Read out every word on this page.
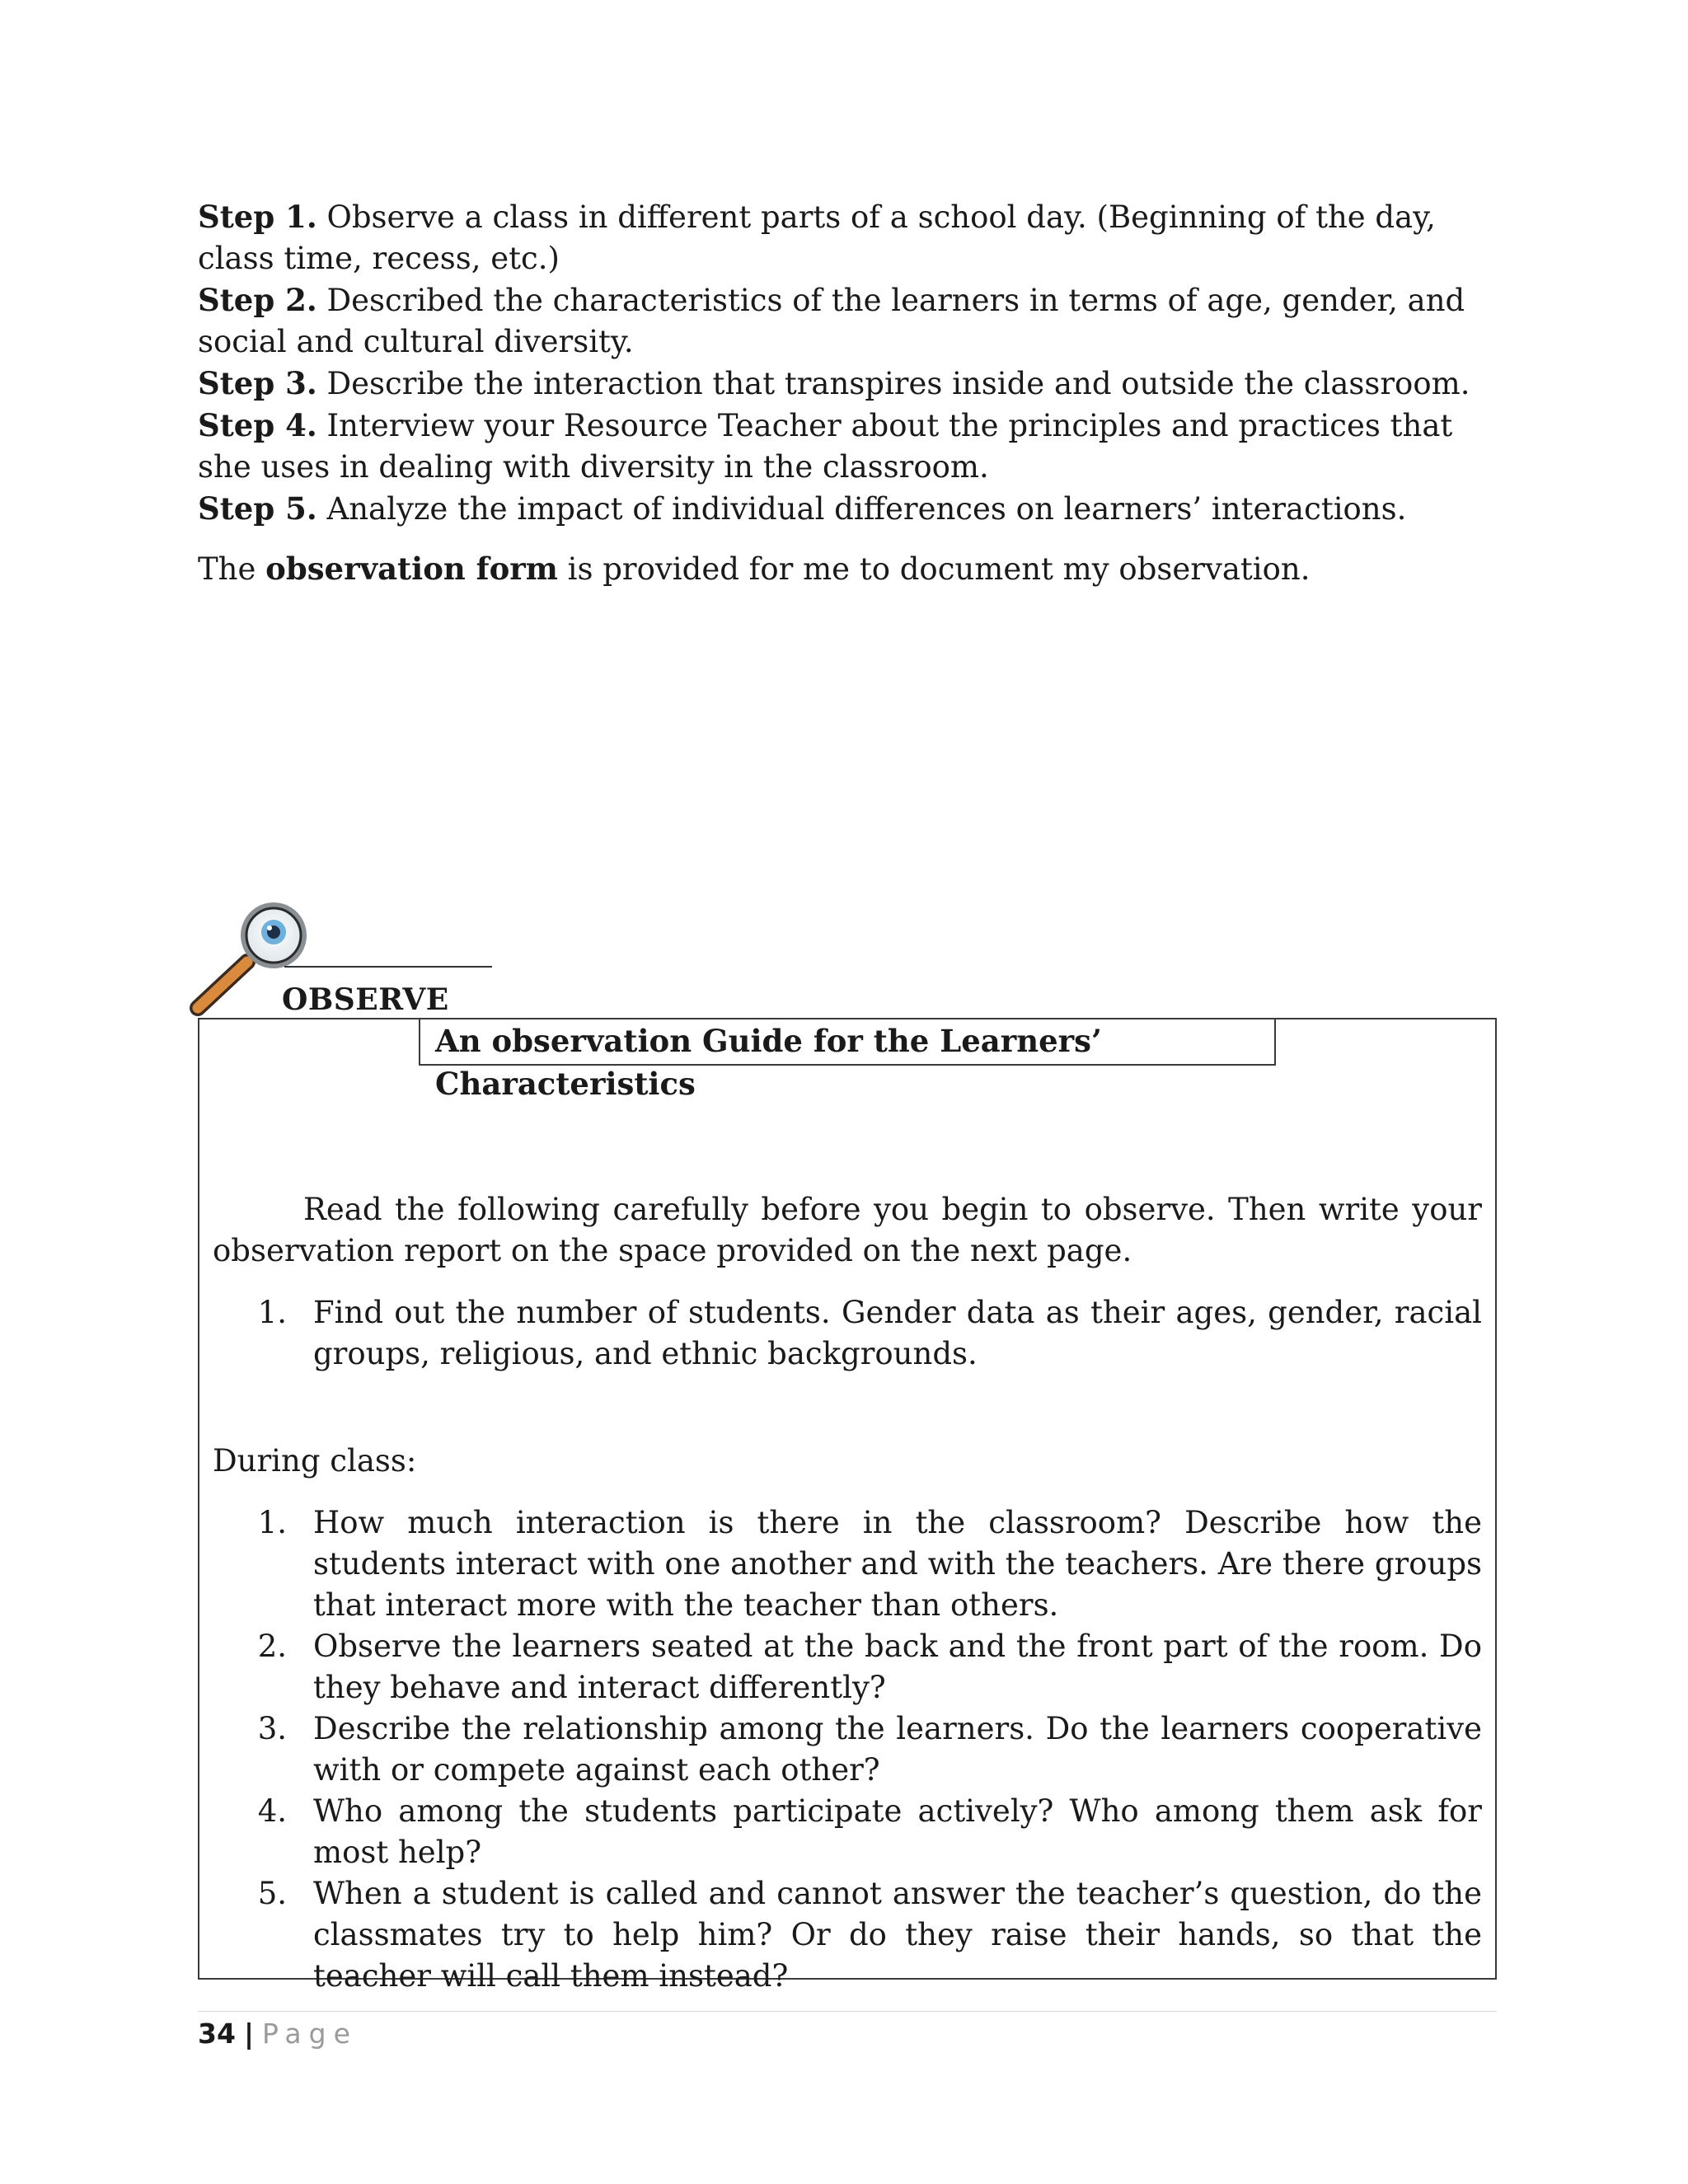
Step 1. Observe a class in different parts of a school day. (Beginning of the day, class time, recess, etc.)

Step 2. Described the characteristics of the learners in terms of age, gender, and social and cultural diversity.

Step 3. Describe the interaction that transpires inside and outside the classroom.

Step 4. Interview your Resource Teacher about the principles and practices that she uses in dealing with diversity in the classroom.

Step 5. Analyze the impact of individual differences on learners’ interactions.

The observation form is provided for me to document my observation.

OBSERVE
An observation Guide for the Learners’ Characteristics

Read the following carefully before you begin to observe. Then write your observation report on the space provided on the next page.

1. Find out the number of students. Gender data as their ages, gender, racial groups, religious, and ethnic backgrounds.

During class:

1. How much interaction is there in the classroom? Describe how the students interact with one another and with the teachers. Are there groups that interact more with the teacher than others.
2. Observe the learners seated at the back and the front part of the room. Do they behave and interact differently?
3. Describe the relationship among the learners. Do the learners cooperative with or compete against each other?
4. Who among the students participate actively? Who among them ask for most help?
5. When a student is called and cannot answer the teacher’s question, do the classmates try to help him? Or do they raise their hands, so that the teacher will call them instead?
34 | Page
